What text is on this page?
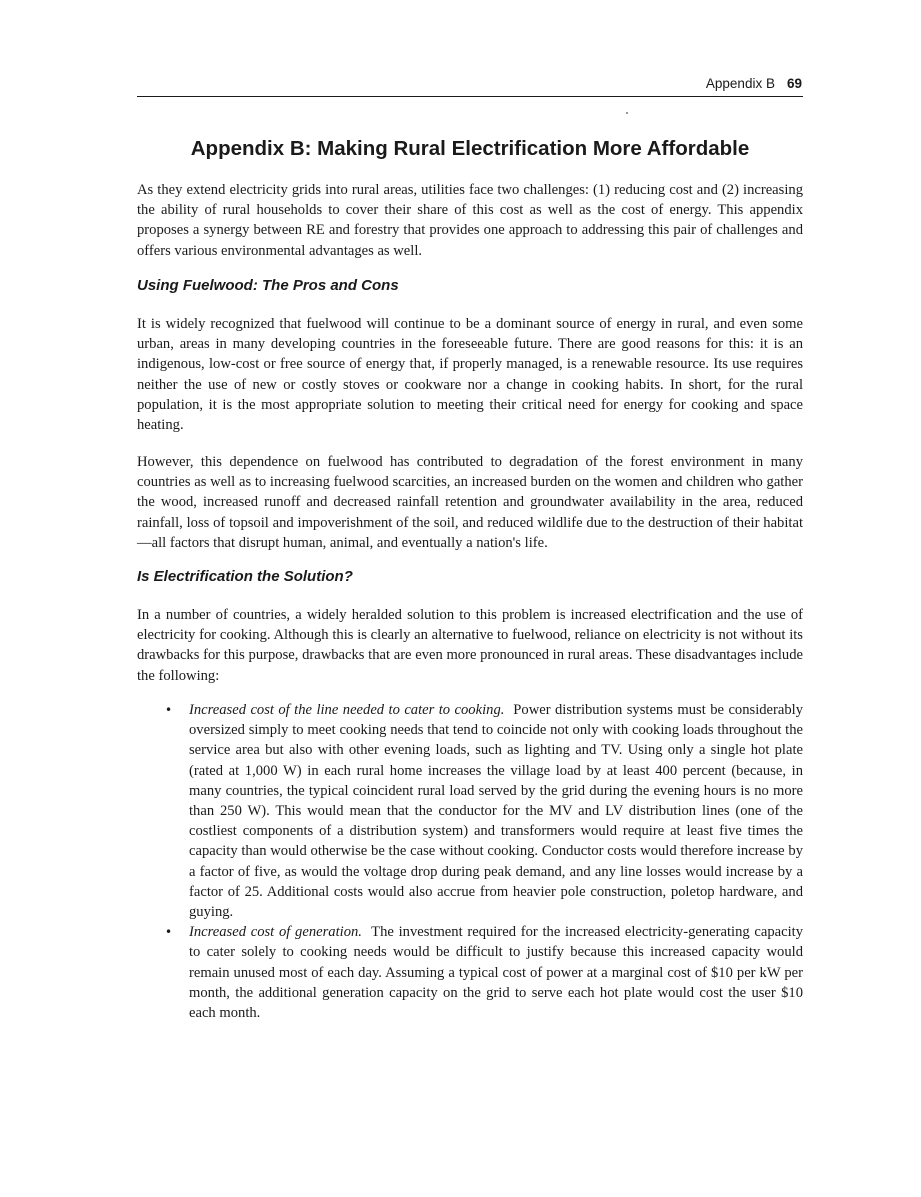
Appendix B 69
Appendix B: Making Rural Electrification More Affordable

As they extend electricity grids into rural areas, utilities face two challenges: (1) reducing cost and (2) increasing the ability of rural households to cover their share of this cost as well as the cost of energy. This appendix proposes a synergy between RE and forestry that provides one approach to addressing this pair of challenges and offers various environmental advantages as well.

Using Fuelwood: The Pros and Cons

It is widely recognized that fuelwood will continue to be a dominant source of energy in rural, and even some urban, areas in many developing countries in the foreseeable future. There are good reasons for this: it is an indigenous, low-cost or free source of energy that, if properly managed, is a renewable resource. Its use requires neither the use of new or costly stoves or cookware nor a change in cooking habits. In short, for the rural population, it is the most appropriate solution to meeting their critical need for energy for cooking and space heating.

However, this dependence on fuelwood has contributed to degradation of the forest environment in many countries as well as to increasing fuelwood scarcities, an increased burden on the women and children who gather the wood, increased runoff and decreased rainfall retention and groundwater availability in the area, reduced rainfall, loss of topsoil and impoverishment of the soil, and reduced wildlife due to the destruction of their habitat—all factors that disrupt human, animal, and eventually a nation's life.

Is Electrification the Solution?

In a number of countries, a widely heralded solution to this problem is increased electrification and the use of electricity for cooking. Although this is clearly an alternative to fuelwood, reliance on electricity is not without its drawbacks for this purpose, drawbacks that are even more pronounced in rural areas. These disadvantages include the following:

• Increased cost of the line needed to cater to cooking. Power distribution systems must be considerably oversized simply to meet cooking needs that tend to coincide not only with cooking loads throughout the service area but also with other evening loads, such as lighting and TV. Using only a single hot plate (rated at 1,000 W) in each rural home increases the village load by at least 400 percent (because, in many countries, the typical coincident rural load served by the grid during the evening hours is no more than 250 W). This would mean that the conductor for the MV and LV distribution lines (one of the costliest components of a distribution system) and transformers would require at least five times the capacity than would otherwise be the case without cooking. Conductor costs would therefore increase by a factor of five, as would the voltage drop during peak demand, and any line losses would increase by a factor of 25. Additional costs would also accrue from heavier pole construction, poletop hardware, and guying.
• Increased cost of generation. The investment required for the increased electricity-generating capacity to cater solely to cooking needs would be difficult to justify because this increased capacity would remain unused most of each day. Assuming a typical cost of power at a marginal cost of $10 per kW per month, the additional generation capacity on the grid to serve each hot plate would cost the user $10 each month.
